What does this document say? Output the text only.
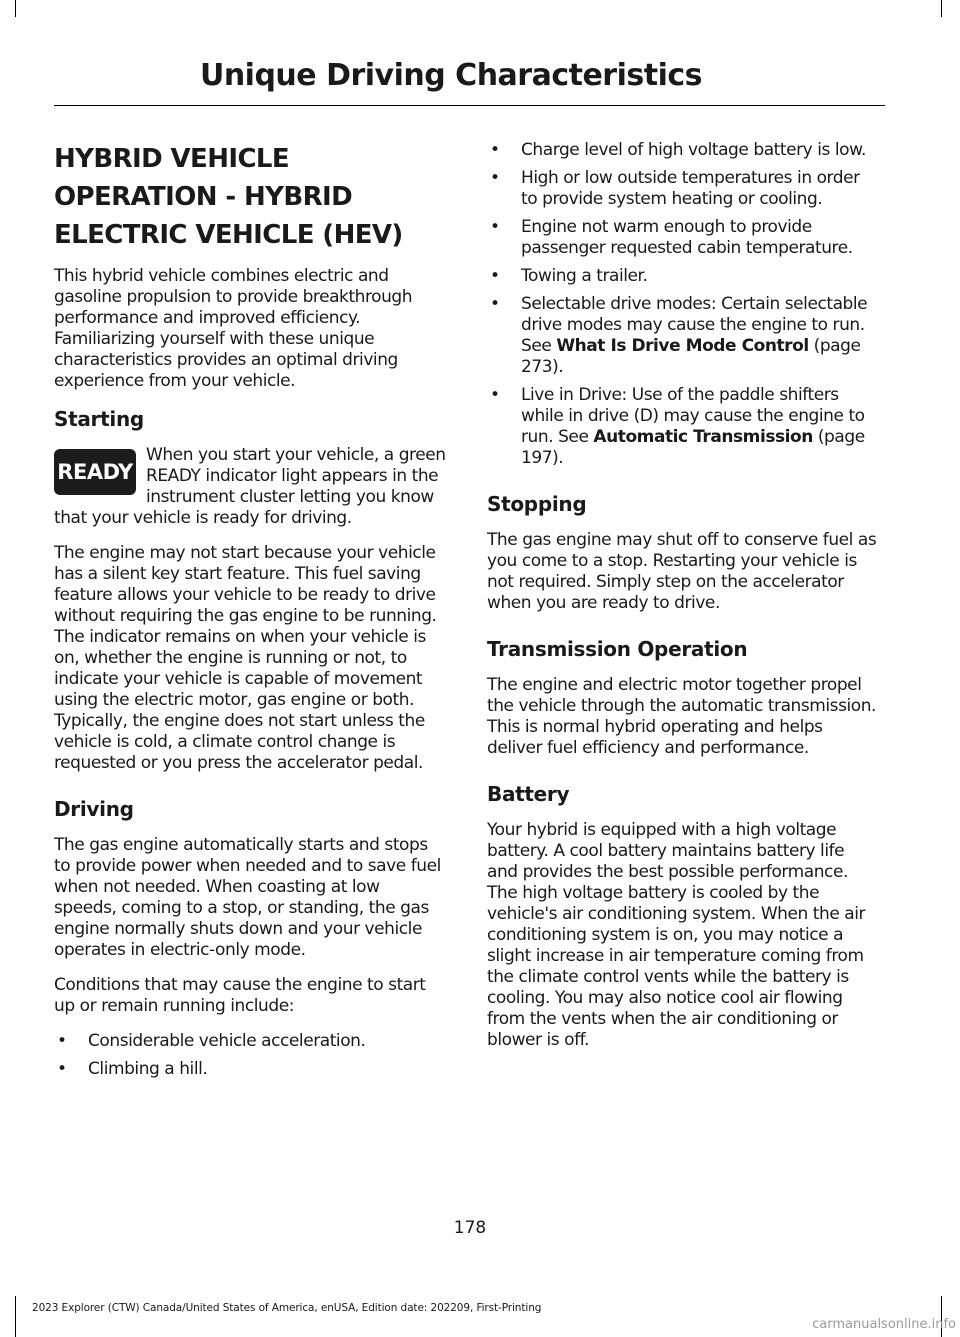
Unique Driving Characteristics
HYBRID VEHICLE OPERATION - HYBRID ELECTRIC VEHICLE (HEV)

This hybrid vehicle combines electric and gasoline propulsion to provide breakthrough performance and improved efficiency. Familiarizing yourself with these unique characteristics provides an optimal driving experience from your vehicle.

Starting

READY
When you start your vehicle, a green READY indicator light appears in the instrument cluster letting you know that your vehicle is ready for driving.

The engine may not start because your vehicle has a silent key start feature. This fuel saving feature allows your vehicle to be ready to drive without requiring the gas engine to be running. The indicator remains on when your vehicle is on, whether the engine is running or not, to indicate your vehicle is capable of movement using the electric motor, gas engine or both. Typically, the engine does not start unless the vehicle is cold, a climate control change is requested or you press the accelerator pedal.

Driving

The gas engine automatically starts and stops to provide power when needed and to save fuel when not needed. When coasting at low speeds, coming to a stop, or standing, the gas engine normally shuts down and your vehicle operates in electric-only mode.

Conditions that may cause the engine to start up or remain running include:

• Considerable vehicle acceleration.
• Climbing a hill.
• Charge level of high voltage battery is low.
• High or low outside temperatures in order to provide system heating or cooling.
• Engine not warm enough to provide passenger requested cabin temperature.
• Towing a trailer.
• Selectable drive modes: Certain selectable drive modes may cause the engine to run. See What Is Drive Mode Control (page 273).
• Live in Drive: Use of the paddle shifters while in drive (D) may cause the engine to run. See Automatic Transmission (page 197).
Stopping

The gas engine may shut off to conserve fuel as you come to a stop. Restarting your vehicle is not required. Simply step on the accelerator when you are ready to drive.

Transmission Operation

The engine and electric motor together propel the vehicle through the automatic transmission. This is normal hybrid operating and helps deliver fuel efficiency and performance.

Battery

Your hybrid is equipped with a high voltage battery. A cool battery maintains battery life and provides the best possible performance. The high voltage battery is cooled by the vehicle's air conditioning system. When the air conditioning system is on, you may notice a slight increase in air temperature coming from the climate control vents while the battery is cooling. You may also notice cool air flowing from the vents when the air conditioning or blower is off.

178
2023 Explorer (CTW) Canada/United States of America, enUSA, Edition date: 202209, First-Printing
carmanualsonline.info
